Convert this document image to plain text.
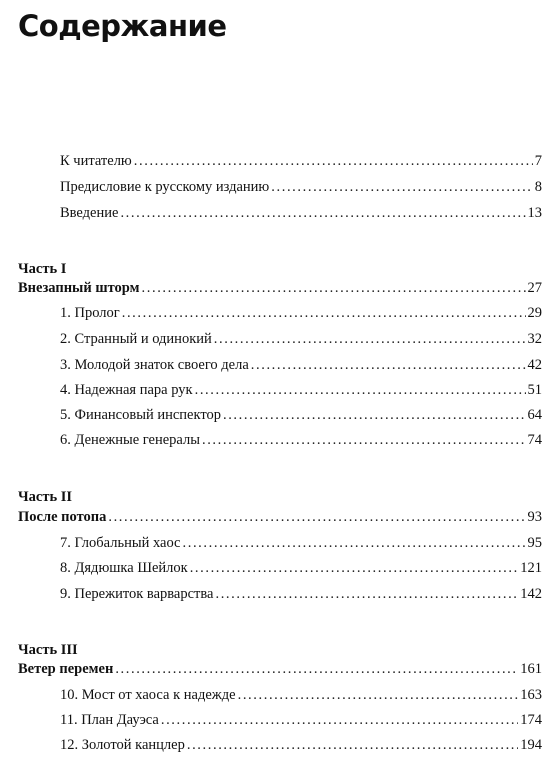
Содержание
К читателю .....	7
Предисловие к русскому изданию .....	8
Введение .....	13
Часть I
Внезапный шторм .....	27
1. Пролог .....	29
2. Странный и одинокий .....	32
3. Молодой знаток своего дела .....	42
4. Надежная пара рук .....	51
5. Финансовый инспектор .....	64
6. Денежные генералы .....	74
Часть II
После потопа .....	93
7. Глобальный хаос .....	95
8. Дядюшка Шейлок .....	121
9. Пережиток варварства .....	142
Часть III
Ветер перемен .....	161
10. Мост от хаоса к надежде .....	163
11. План Дауэса .....	174
12. Золотой канцлер .....	194
